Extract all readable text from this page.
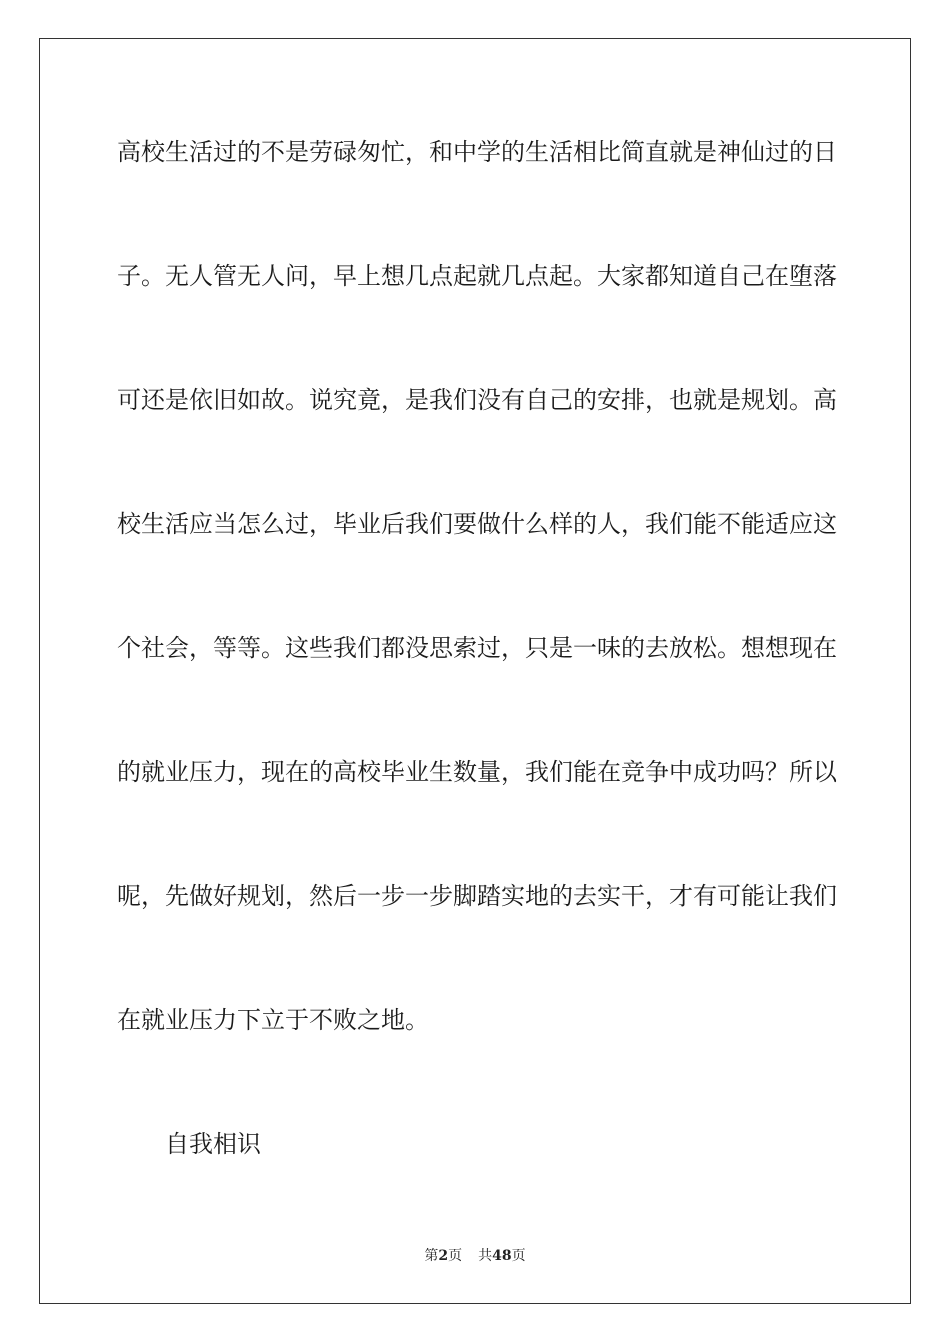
高校生活过的不是劳碌匆忙，和中学的生活相比简直就是神仙过的日
子。无人管无人问，早上想几点起就几点起。大家都知道自己在堕落
可还是依旧如故。说究竟，是我们没有自己的安排，也就是规划。高
校生活应当怎么过，毕业后我们要做什么样的人，我们能不能适应这
个社会，等等。这些我们都没思索过，只是一味的去放松。想想现在
的就业压力，现在的高校毕业生数量，我们能在竞争中成功吗？所以
呢，先做好规划，然后一步一步脚踏实地的去实干，才有可能让我们
在就业压力下立于不败之地。
自我相识
第2页 共48页
